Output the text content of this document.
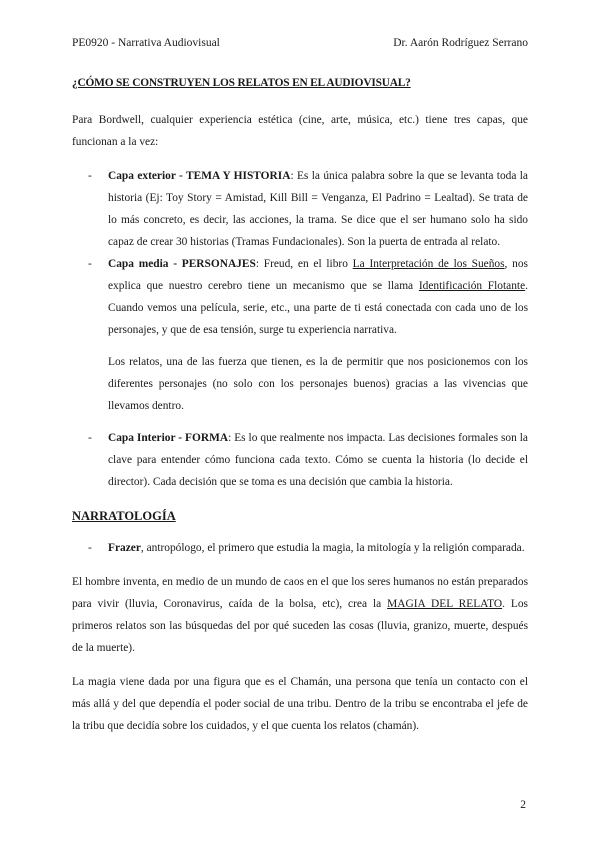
PE0920 - Narrativa Audiovisual	Dr. Aarón Rodríguez Serrano

¿CÓMO SE CONSTRUYEN LOS RELATOS EN EL AUDIOVISUAL?

Para Bordwell, cualquier experiencia estética (cine, arte, música, etc.) tiene tres capas, que funcionan a la vez:

- Capa exterior - TEMA Y HISTORIA: Es la única palabra sobre la que se levanta toda la historia (Ej: Toy Story = Amistad, Kill Bill = Venganza, El Padrino = Lealtad). Se trata de lo más concreto, es decir, las acciones, la trama. Se dice que el ser humano solo ha sido capaz de crear 30 historias (Tramas Fundacionales). Son la puerta de entrada al relato.
- Capa media - PERSONAJES: Freud, en el libro La Interpretación de los Sueños, nos explica que nuestro cerebro tiene un mecanismo que se llama Identificación Flotante. Cuando vemos una película, serie, etc., una parte de ti está conectada con cada uno de los personajes, y que de esa tensión, surge tu experiencia narrativa.
Los relatos, una de las fuerza que tienen, es la de permitir que nos posicionemos con los diferentes personajes (no solo con los personajes buenos) gracias a las vivencias que llevamos dentro.
- Capa Interior - FORMA: Es lo que realmente nos impacta. Las decisiones formales son la clave para entender cómo funciona cada texto. Cómo se cuenta la historia (lo decide el director). Cada decisión que se toma es una decisión que cambia la historia.
NARRATOLOGÍA
- Frazer, antropólogo, el primero que estudia la magia, la mitología y la religión comparada.

El hombre inventa, en medio de un mundo de caos en el que los seres humanos no están preparados para vivir (lluvia, Coronavirus, caída de la bolsa, etc), crea la MAGIA DEL RELATO. Los primeros relatos son las búsquedas del por qué suceden las cosas (lluvia, granizo, muerte, después de la muerte).

La magia viene dada por una figura que es el Chamán, una persona que tenía un contacto con el más allá y del que dependía el poder social de una tribu. Dentro de la tribu se encontraba el jefe de la tribu que decidía sobre los cuidados, y el que cuenta los relatos (chamán).

2
